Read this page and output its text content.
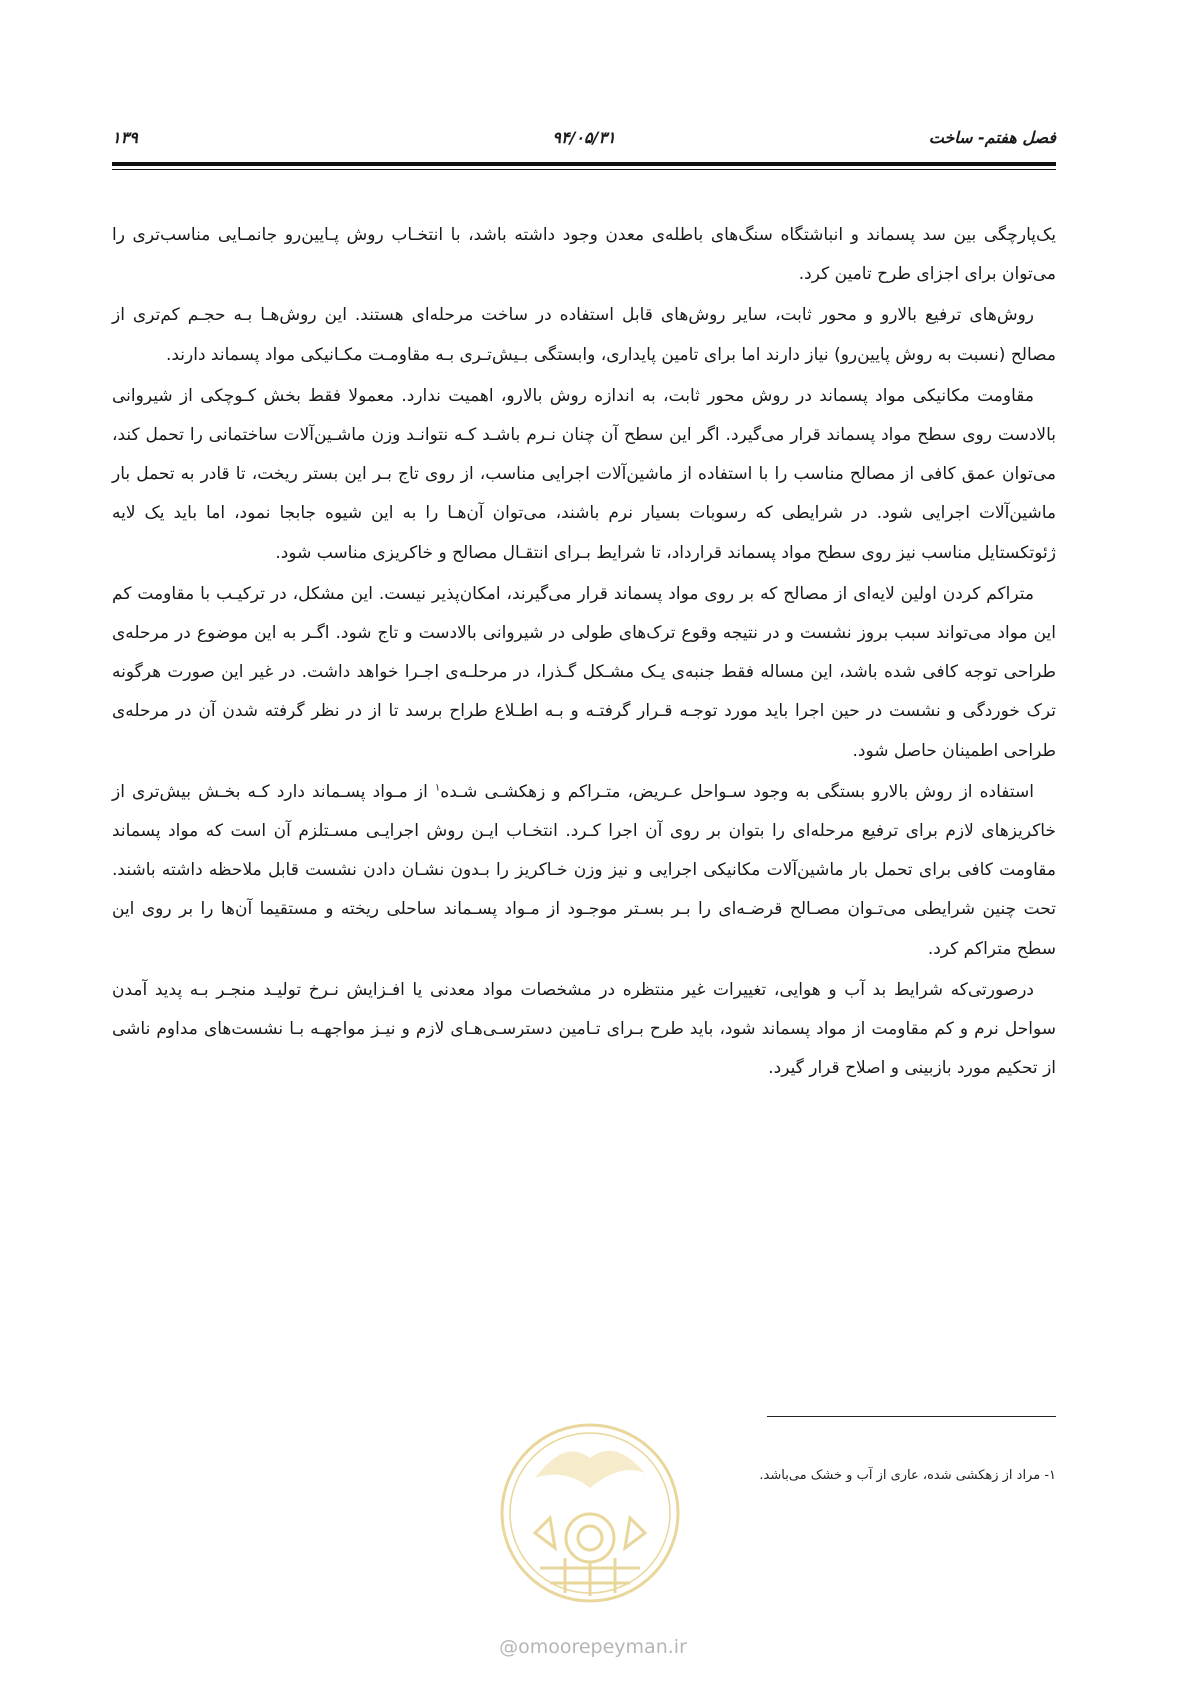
فصل هفتم- ساخت
۹۴/۰۵/۳۱
۱۳۹

یک‌پارچگی بین سد پسماند و انباشتگاه سنگ‌های باطله‌ی معدن وجود داشته باشد، با انتخـاب روش پـایین‌رو جانمـایی مناسب‌تری را می‌توان برای اجزای طرح تامین کرد.

روش‌های ترفیع بالارو و محور ثابت، سایر روش‌های قابل استفاده در ساخت مرحله‌ای هستند. این روش‌هـا بـه حجـم کم‌تری از مصالح (نسبت به روش پایین‌رو) نیاز دارند اما برای تامین پایداری، وابستگی بـیش‌تـری بـه مقاومـت مکـانیکی مواد پسماند دارند.

مقاومت مکانیکی مواد پسماند در روش محور ثابت، به اندازه روش بالارو، اهمیت ندارد. معمولا فقط بخش کـوچکی از شیروانی بالادست روی سطح مواد پسماند قرار می‌گیرد. اگر این سطح آن چنان نـرم باشـد کـه نتوانـد وزن ماشـین‌آلات ساختمانی را تحمل کند، می‌توان عمق کافی از مصالح مناسب را با استفاده از ماشین‌آلات اجرایی مناسب، از روی تاج بـر این بستر ریخت، تا قادر به تحمل بار ماشین‌آلات اجرایی شود. در شرایطی که رسوبات بسیار نرم باشند، می‌توان آن‌هـا را به این شیوه جابجا نمود، اما باید یک لایه ژئوتکستایل مناسب نیز روی سطح مواد پسماند قرارداد، تا شرایط بـرای انتقـال مصالح و خاکریزی مناسب شود.

متراکم کردن اولین لایه‌ای از مصالح که بر روی مواد پسماند قرار می‌گیرند، امکان‌پذیر نیست. این مشکل، در ترکیـب با مقاومت کم این مواد می‌تواند سبب بروز نشست و در نتیجه وقوع ترک‌های طولی در شیروانی بالادست و تاج شود. اگـر به این موضوع در مرحله‌ی طراحی توجه کافی شده باشد، این مساله فقط جنبه‌ی یـک مشـکل گـذرا، در مرحلـه‌ی اجـرا خواهد داشت. در غیر این صورت هرگونه ترک خوردگی و نشست در حین اجرا باید مورد توجـه قـرار گرفتـه و بـه اطـلاع طراح برسد تا از در نظر گرفته شدن آن در مرحله‌ی طراحی اطمینان حاصل شود.

استفاده از روش بالارو بستگی به وجود سـواحل عـریض، متـراکم و زهکشـی شـده$^۱$ از مـواد پسـماند دارد کـه بخـش بیش‌تری از خاکریزهای لازم برای ترفیع مرحله‌ای را بتوان بر روی آن اجرا کـرد. انتخـاب ایـن روش اجرایـی مسـتلزم آن است که مواد پسماند مقاومت کافی برای تحمل بار ماشین‌آلات مکانیکی اجرایی و نیز وزن خـاکریز را بـدون نشـان دادن نشست قابل ملاحظه داشته باشند. تحت چنین شرایطی می‌تـوان مصـالح قرضـه‌ای را بـر بسـتر موجـود از مـواد پسـماند ساحلی ریخته و مستقیما آن‌ها را بر روی این سطح متراکم کرد.

درصورتی‌که شرایط بد آب و هوایی، تغییرات غیر منتظره در مشخصات مواد معدنی یا افـزایش نـرخ تولیـد منجـر بـه پدید آمدن سواحل نرم و کم مقاومت از مواد پسماند شود، باید طرح بـرای تـامین دسترسـی‌هـای لازم و نیـز مواجهـه بـا نشست‌های مداوم ناشی از تحکیم مورد بازبینی و اصلاح قرار گیرد.

۱- مراد از زهکشی شده، عاری از آب و خشک می‌باشد.

@omoorepeyman.ir
